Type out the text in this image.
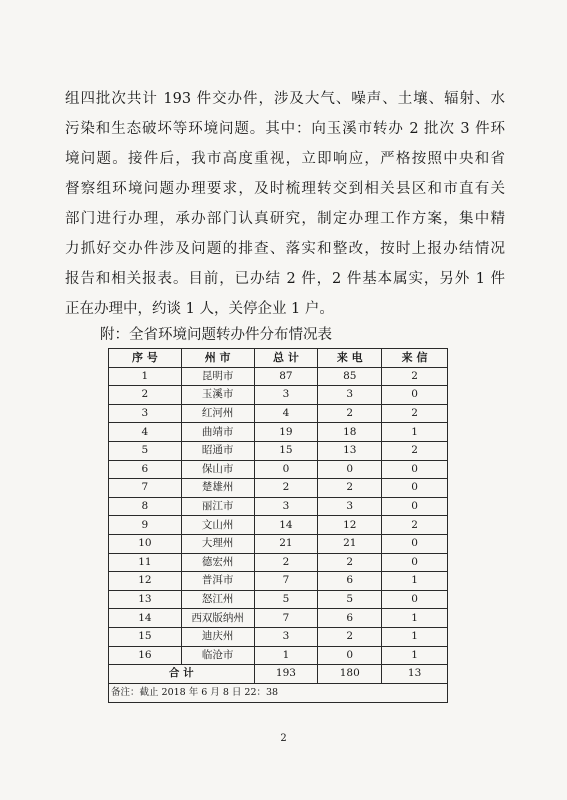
组四批次共计 193 件交办件，涉及大气、噪声、土壤、辐射、水
污染和生态破坏等环境问题。其中：向玉溪市转办 2 批次 3 件环
境问题。接件后，我市高度重视，立即响应，严格按照中央和省
督察组环境问题办理要求，及时梳理转交到相关县区和市直有关
部门进行办理，承办部门认真研究，制定办理工作方案，集中精
力抓好交办件涉及问题的排查、落实和整改，按时上报办结情况
报告和相关报表。目前，已办结 2 件，2 件基本属实，另外 1 件
正在办理中，约谈 1 人，关停企业 1 户。
附：全省环境问题转办件分布情况表
序 号	州 市	总 计	来 电	来 信
1	昆明市	87	85	2
2	玉溪市	3	3	0
3	红河州	4	2	2
4	曲靖市	19	18	1
5	昭通市	15	13	2
6	保山市	0	0	0
7	楚雄州	2	2	0
8	丽江市	3	3	0
9	文山州	14	12	2
10	大理州	21	21	0
11	德宏州	2	2	0
12	普洱市	7	6	1
13	怒江州	5	5	0
14	西双版纳州	7	6	1
15	迪庆州	3	2	1
16	临沧市	1	0	1
合 计		193	180	13
备注：截止 2018 年 6 月 8 日 22：38				
2
